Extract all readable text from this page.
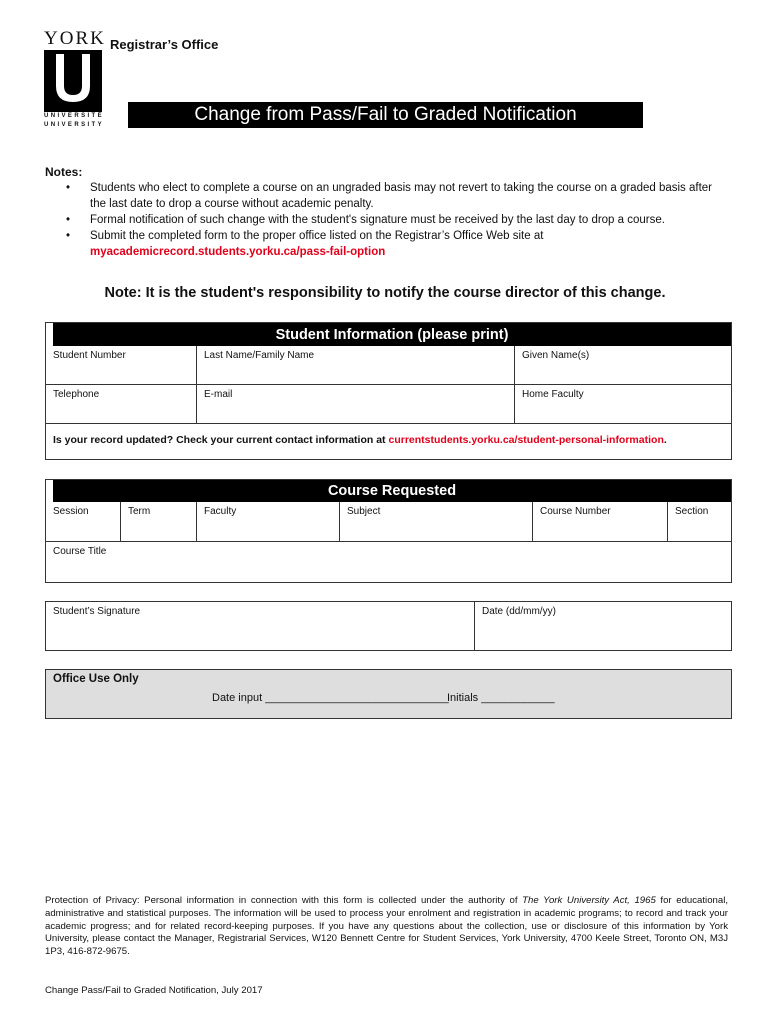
YORK
UNIVERSITÉ
UNIVERSITY
Registrar’s Office
Change from Pass/Fail to Graded Notification
Notes:
• Students who elect to complete a course on an ungraded basis may not revert to taking the course on a graded basis after the last date to drop a course without academic penalty.
• Formal notification of such change with the student's signature must be received by the last day to drop a course.
• Submit the completed form to the proper office listed on the Registrar’s Office Web site at
myacademicrecord.students.yorku.ca/pass-fail-option
Note: It is the student's responsibility to notify the course director of this change.
Student Information (please print)
Student Number	Last Name/Family Name	Given Name(s)
Telephone	E-mail	Home Faculty
Is your record updated? Check your current contact information at currentstudents.yorku.ca/student-personal-information.
Course Requested
Session	Term	Faculty	Subject	Course Number	Section
Course Title
Student’s Signature	Date (dd/mm/yy)
Office Use Only
Date input ______________________________
Initials ____________
Protection of Privacy: Personal information in connection with this form is collected under the authority of The York University Act, 1965 for educational, administrative and statistical purposes. The information will be used to process your enrolment and registration in academic programs; to record and track your academic progress; and for related record-keeping purposes. If you have any questions about the collection, use or disclosure of this information by York University, please contact the Manager, Registrarial Services, W120 Bennett Centre for Student Services, York University, 4700 Keele Street, Toronto ON, M3J 1P3, 416-872-9675.
Change Pass/Fail to Graded Notification, July 2017
